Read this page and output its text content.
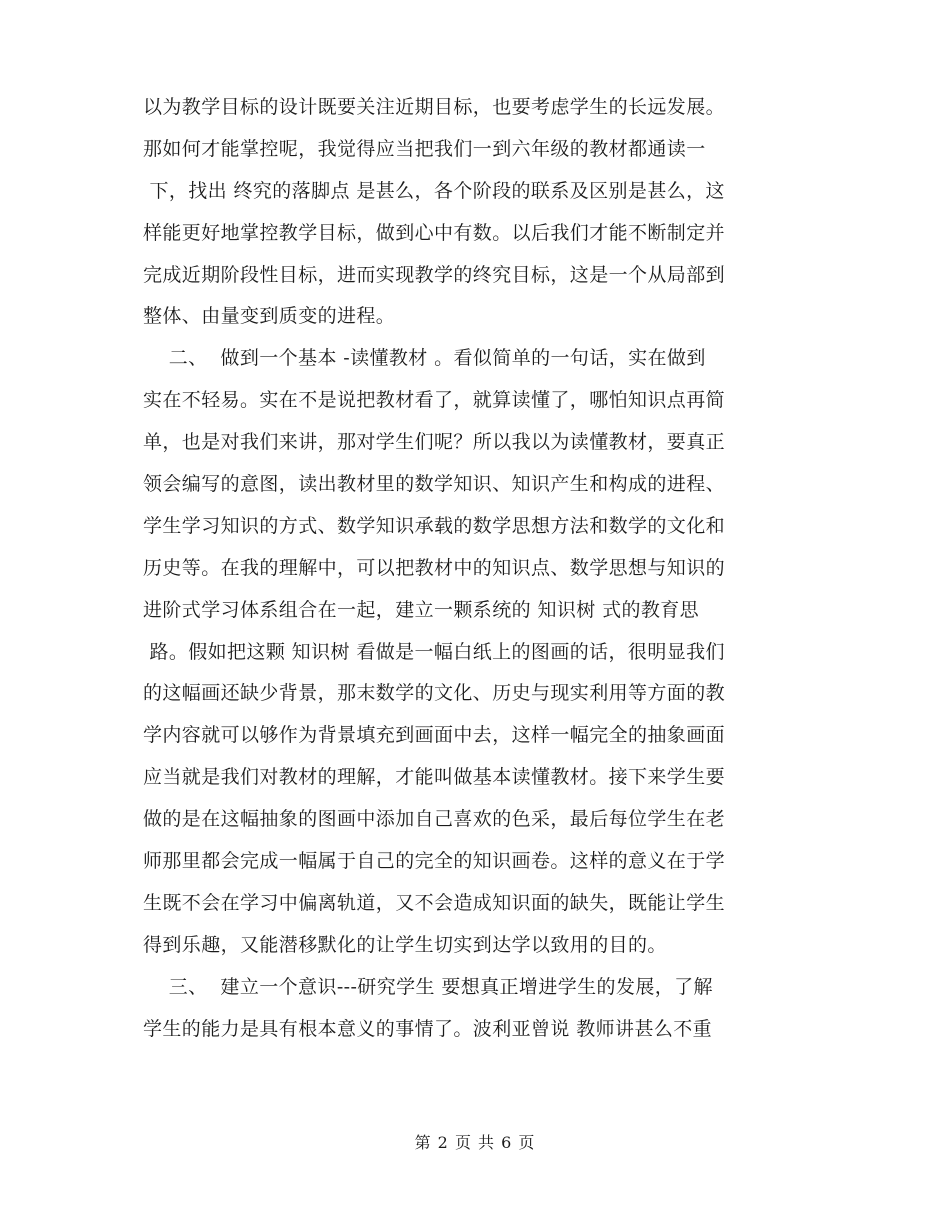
以为教学目标的设计既要关注近期目标，也要考虑学生的长远发展。
那如何才能掌控呢，我觉得应当把我们一到六年级的教材都通读一
下，找出 终究的落脚点 是甚么，各个阶段的联系及区别是甚么，这
样能更好地掌控教学目标，做到心中有数。以后我们才能不断制定并
完成近期阶段性目标，进而实现教学的终究目标，这是一个从局部到
整体、由量变到质变的进程。
二、  做到一个基本 -读懂教材 。看似简单的一句话，实在做到
实在不轻易。实在不是说把教材看了，就算读懂了，哪怕知识点再简
单，也是对我们来讲，那对学生们呢？所以我以为读懂教材，要真正
领会编写的意图，读出教材里的数学知识、知识产生和构成的进程、
学生学习知识的方式、数学知识承载的数学思想方法和数学的文化和
历史等。在我的理解中，可以把教材中的知识点、数学思想与知识的
进阶式学习体系组合在一起，建立一颗系统的 知识树 式的教育思
路。假如把这颗 知识树 看做是一幅白纸上的图画的话，很明显我们
的这幅画还缺少背景，那末数学的文化、历史与现实利用等方面的教
学内容就可以够作为背景填充到画面中去，这样一幅完全的抽象画面
应当就是我们对教材的理解，才能叫做基本读懂教材。接下来学生要
做的是在这幅抽象的图画中添加自己喜欢的色采，最后每位学生在老
师那里都会完成一幅属于自己的完全的知识画卷。这样的意义在于学
生既不会在学习中偏离轨道，又不会造成知识面的缺失，既能让学生
得到乐趣，又能潜移默化的让学生切实到达学以致用的目的。
三、  建立一个意识---研究学生 要想真正增进学生的发展，了解
学生的能力是具有根本意义的事情了。波利亚曾说 教师讲甚么不重
第 2 页 共 6 页
